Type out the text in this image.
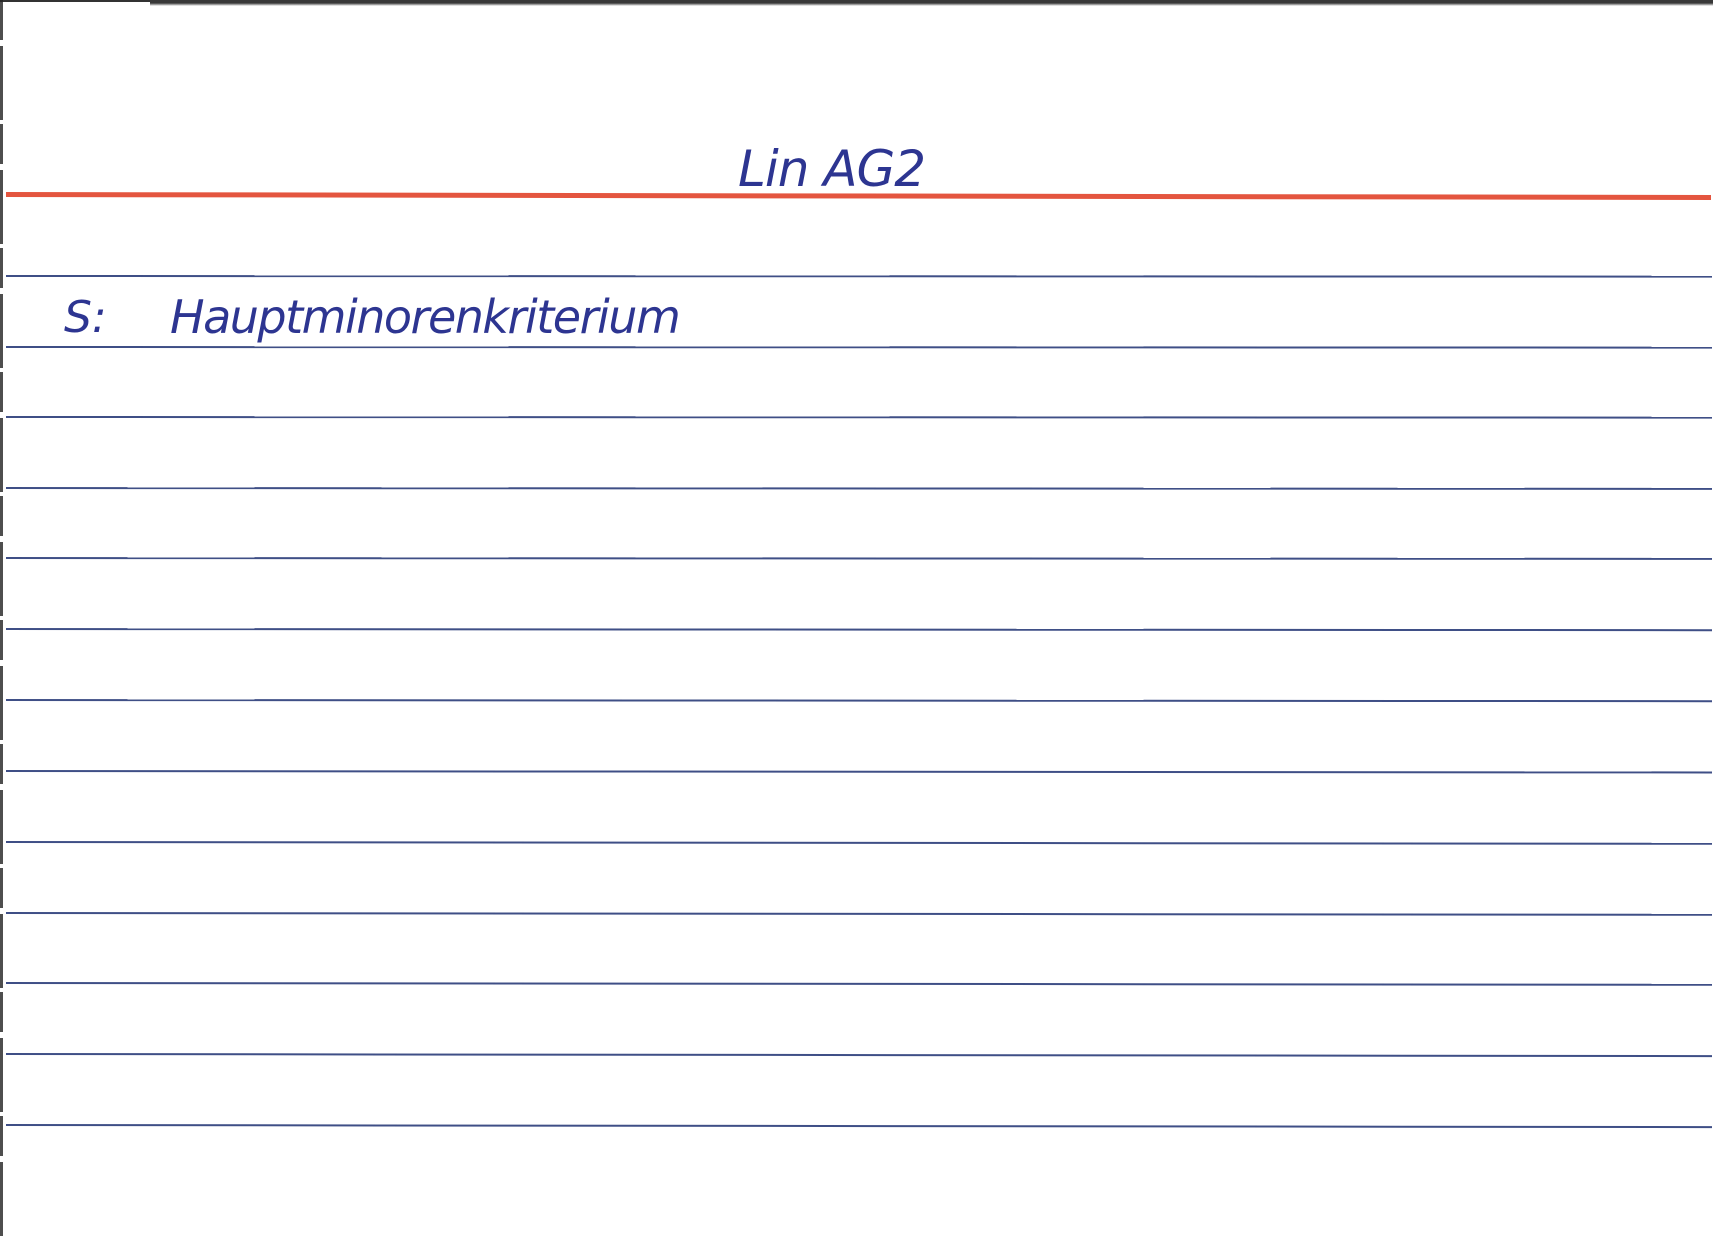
Lin AG2
S: Hauptminorenkriterium
